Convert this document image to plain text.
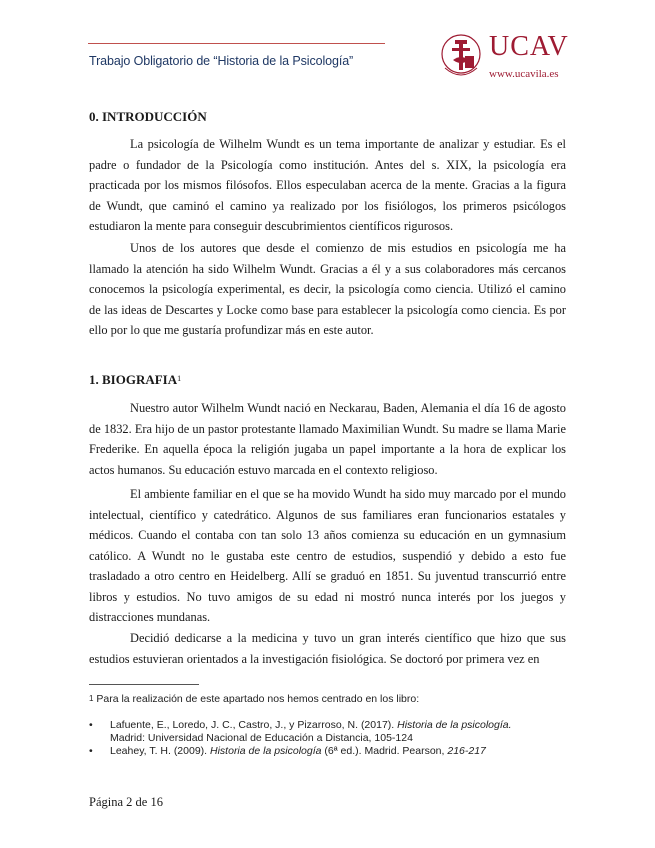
Trabajo Obligatorio de “Historia de la Psicología”	UCAV
www.ucavila.es
0. INTRODUCCIÓN

La psicología de Wilhelm Wundt es un tema importante de analizar y estudiar. Es el padre o fundador de la Psicología como institución. Antes del s. XIX, la psicología era practicada por los mismos filósofos. Ellos especulaban acerca de la mente. Gracias a la figura de Wundt, que caminó el camino ya realizado por los fisiólogos, los primeros psicólogos estudiaron la mente para conseguir descubrimientos científicos rigurosos.

Unos de los autores que desde el comienzo de mis estudios en psicología me ha llamado la atención ha sido Wilhelm Wundt. Gracias a él y a sus colaboradores más cercanos conocemos la psicología experimental, es decir, la psicología como ciencia. Utilizó el camino de las ideas de Descartes y Locke como base para establecer la psicología como ciencia. Es por ello por lo que me gustaría profundizar más en este autor.

1. BIOGRAFIA$^1$

Nuestro autor Wilhelm Wundt nació en Neckarau, Baden, Alemania el día 16 de agosto de 1832. Era hijo de un pastor protestante llamado Maximilian Wundt. Su madre se llama Marie Frederike. En aquella época la religión jugaba un papel importante a la hora de explicar los actos humanos. Su educación estuvo marcada en el contexto religioso.

El ambiente familiar en el que se ha movido Wundt ha sido muy marcado por el mundo intelectual, científico y catedrático. Algunos de sus familiares eran funcionarios estatales y médicos. Cuando el contaba con tan solo 13 años comienza su educación en un gymnasium católico. A Wundt no le gustaba este centro de estudios, suspendió y debido a esto fue trasladado a otro centro en Heidelberg. Allí se graduó en 1851. Su juventud transcurrió entre libros y estudios. No tuvo amigos de su edad ni mostró nunca interés por los juegos y distracciones mundanas.

Decidió dedicarse a la medicina y tuvo un gran interés científico que hizo que sus estudios estuvieran orientados a la investigación fisiológica. Se doctoró por primera vez en

$^1$ Para la realización de este apartado nos hemos centrado en los libro:
• Lafuente, E., Loredo, J. C., Castro, J., y Pizarroso, N. (2017). Historia de la psicología.
Madrid: Universidad Nacional de Educación a Distancia, 105-124
• Leahey, T. H. (2009). Historia de la psicología (6ª ed.). Madrid. Pearson, 216-217
Página 2 de 16
